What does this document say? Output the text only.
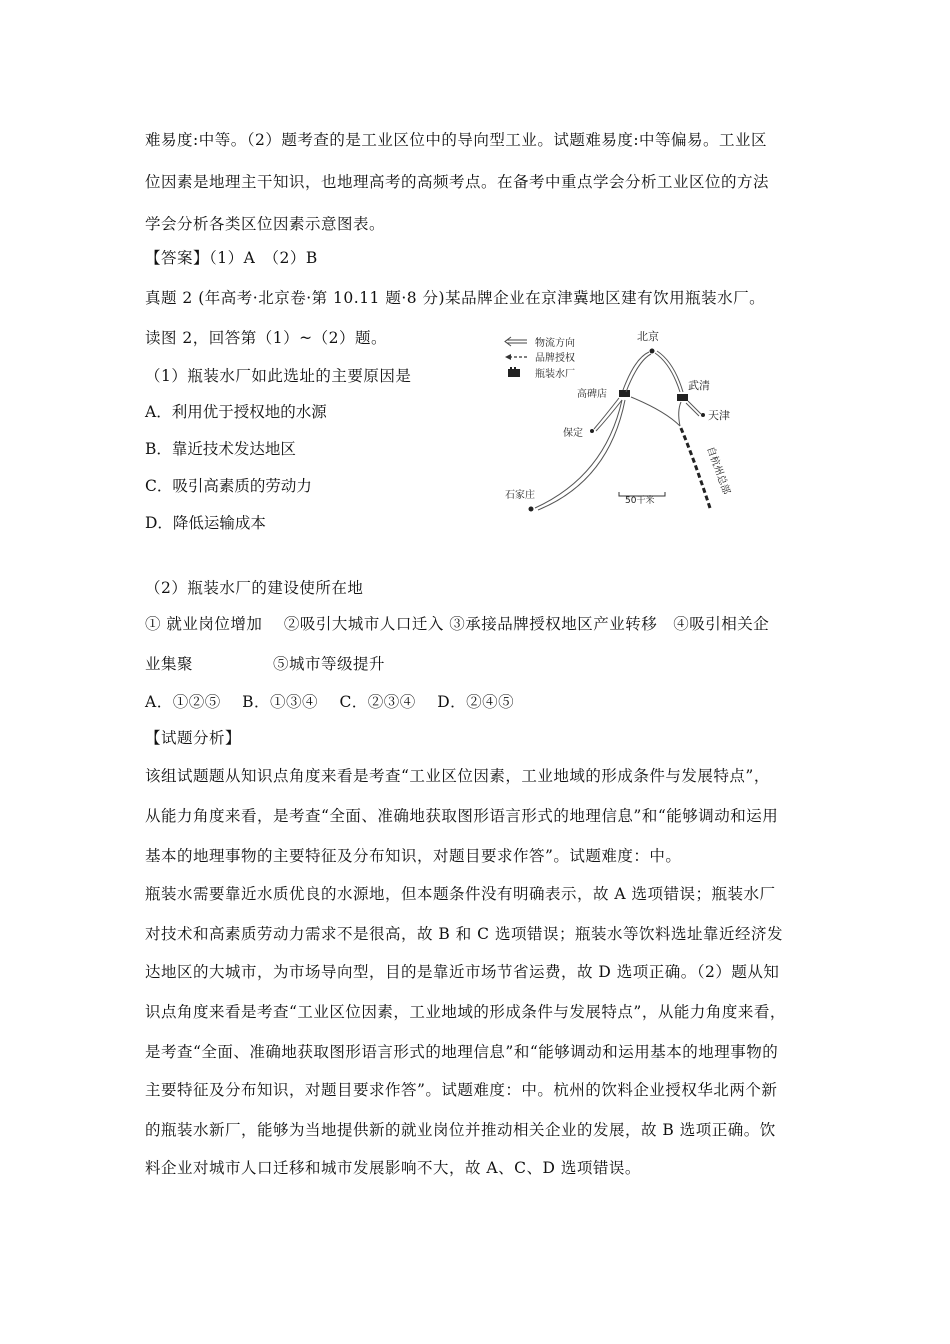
难易度:中等。（2）题考查的是工业区位中的导向型工业。试题难易度:中等偏易。工业区
位因素是地理主干知识，也地理高考的高频考点。在备考中重点学会分析工业区位的方法
学会分析各类区位因素示意图表。
【答案】（1）A　（2）B
真题 2 (年高考·北京卷·第 10.11 题·8 分)某品牌企业在京津冀地区建有饮用瓶装水厂。
读图 2，回答第（1）~（2）题。
（1）瓶装水厂如此选址的主要原因是
A．利用优于授权地的水源
B．靠近技术发达地区
C．吸引高素质的劳动力
D．降低运输成本
物流方向
品牌授权
瓶装水厂
北京
高碑店
武清
天津
保定
石家庄	自杭州总部
50千米
（2）瓶装水厂的建设使所在地
① 就业岗位增加　 ②吸引大城市人口迁入 ③承接品牌授权地区产业转移　④吸引相关企
业集聚　　　　　⑤城市等级提升
A．①②⑤　 B．①③④　 C．②③④　 D．②④⑤
【试题分析】
该组试题题从知识点角度来看是考查“工业区位因素，工业地域的形成条件与发展特点”，
从能力角度来看，是考查“全面、准确地获取图形语言形式的地理信息”和“能够调动和运用
基本的地理事物的主要特征及分布知识，对题目要求作答”。试题难度：中。
瓶装水需要靠近水质优良的水源地，但本题条件没有明确表示，故 A 选项错误；瓶装水厂
对技术和高素质劳动力需求不是很高，故 B 和 C 选项错误；瓶装水等饮料选址靠近经济发
达地区的大城市，为市场导向型，目的是靠近市场节省运费，故 D 选项正确。（2）题从知
识点角度来看是考查“工业区位因素，工业地域的形成条件与发展特点”，从能力角度来看，
是考查“全面、准确地获取图形语言形式的地理信息”和“能够调动和运用基本的地理事物的
主要特征及分布知识，对题目要求作答”。试题难度：中。杭州的饮料企业授权华北两个新
的瓶装水新厂，能够为当地提供新的就业岗位并推动相关企业的发展，故 B 选项正确。饮
料企业对城市人口迁移和城市发展影响不大，故 A、C、D 选项错误。
